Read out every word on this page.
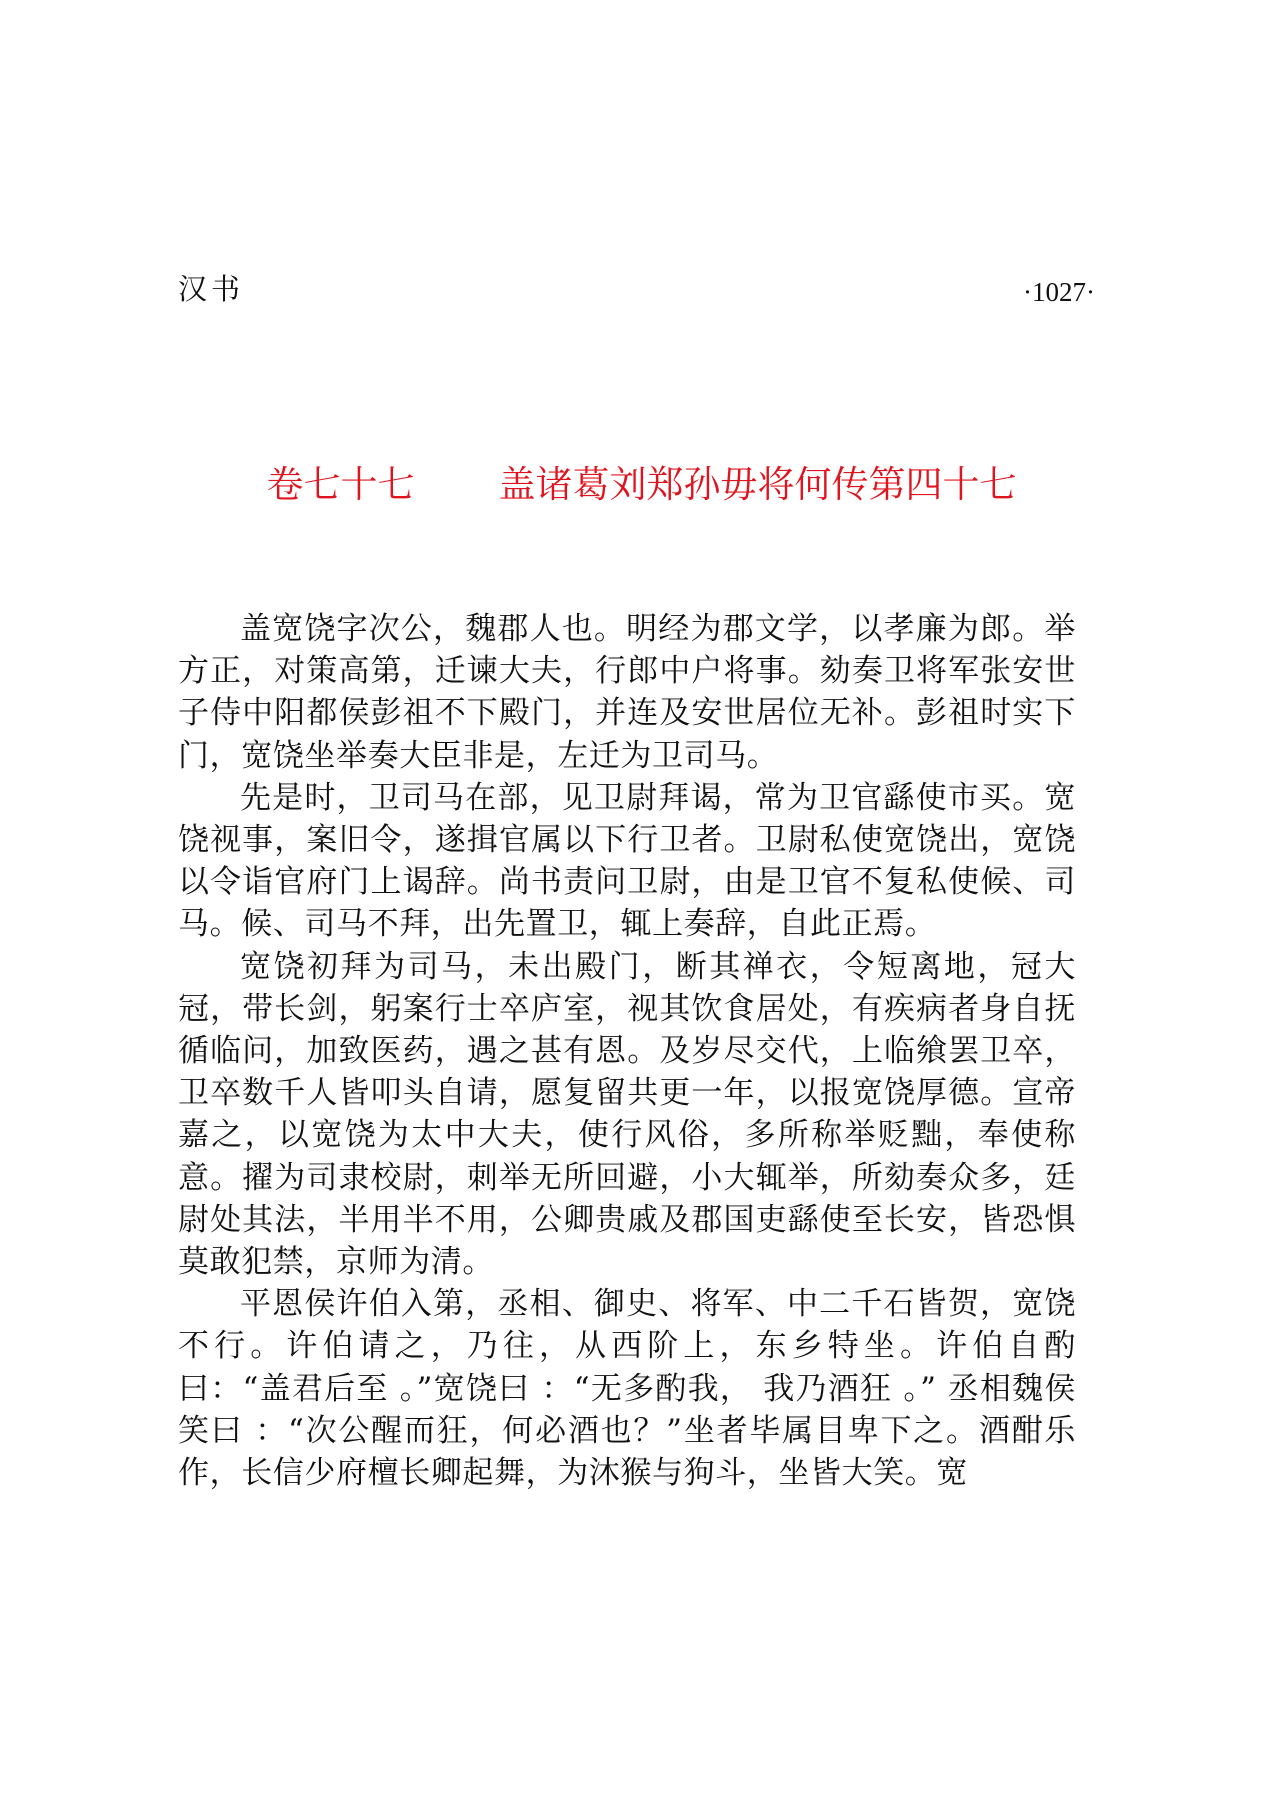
汉书	·1027·
卷七十七 盖诸葛刘郑孙毋将何传第四十七

盖宽饶字次公，魏郡人也。明经为郡文学，以孝廉为郎。举方正，对策高第，迁谏大夫，行郎中户将事。劾奏卫将军张安世子侍中阳都侯彭祖不下殿门，并连及安世居位无补。彭祖时实下门，宽饶坐举奏大臣非是，左迁为卫司马。

先是时，卫司马在部，见卫尉拜谒，常为卫官繇使市买。宽饶视事，案旧令，遂揖官属以下行卫者。卫尉私使宽饶出，宽饶以令诣官府门上谒辞。尚书责问卫尉，由是卫官不复私使候、司马。候、司马不拜，出先置卫，辄上奏辞，自此正焉。

宽饶初拜为司马，未出殿门，断其禅衣，令短离地，冠大冠，带长剑，躬案行士卒庐室，视其饮食居处，有疾病者身自抚循临问，加致医药，遇之甚有恩。及岁尽交代，上临飨罢卫卒，卫卒数千人皆叩头自请，愿复留共更一年，以报宽饶厚德。宣帝嘉之，以宽饶为太中大夫，使行风俗，多所称举贬黜，奉使称意。擢为司隶校尉，刺举无所回避，小大辄举，所劾奏众多，廷尉处其法，半用半不用，公卿贵戚及郡国吏繇使至长安，皆恐惧莫敢犯禁，京师为清。

平恩侯许伯入第，丞相、御史、将军、中二千石皆贺，宽饶不行。许伯请之，乃往，从西阶上，东乡特坐。许伯自酌曰：“盖君后至 。”宽饶曰 ：“无多酌我， 我乃酒狂 。” 丞相魏侯笑曰 ：“次公醒而狂，何必酒也？”坐者毕属目卑下之。酒酣乐作，长信少府檀长卿起舞，为沐猴与狗斗，坐皆大笑。宽
